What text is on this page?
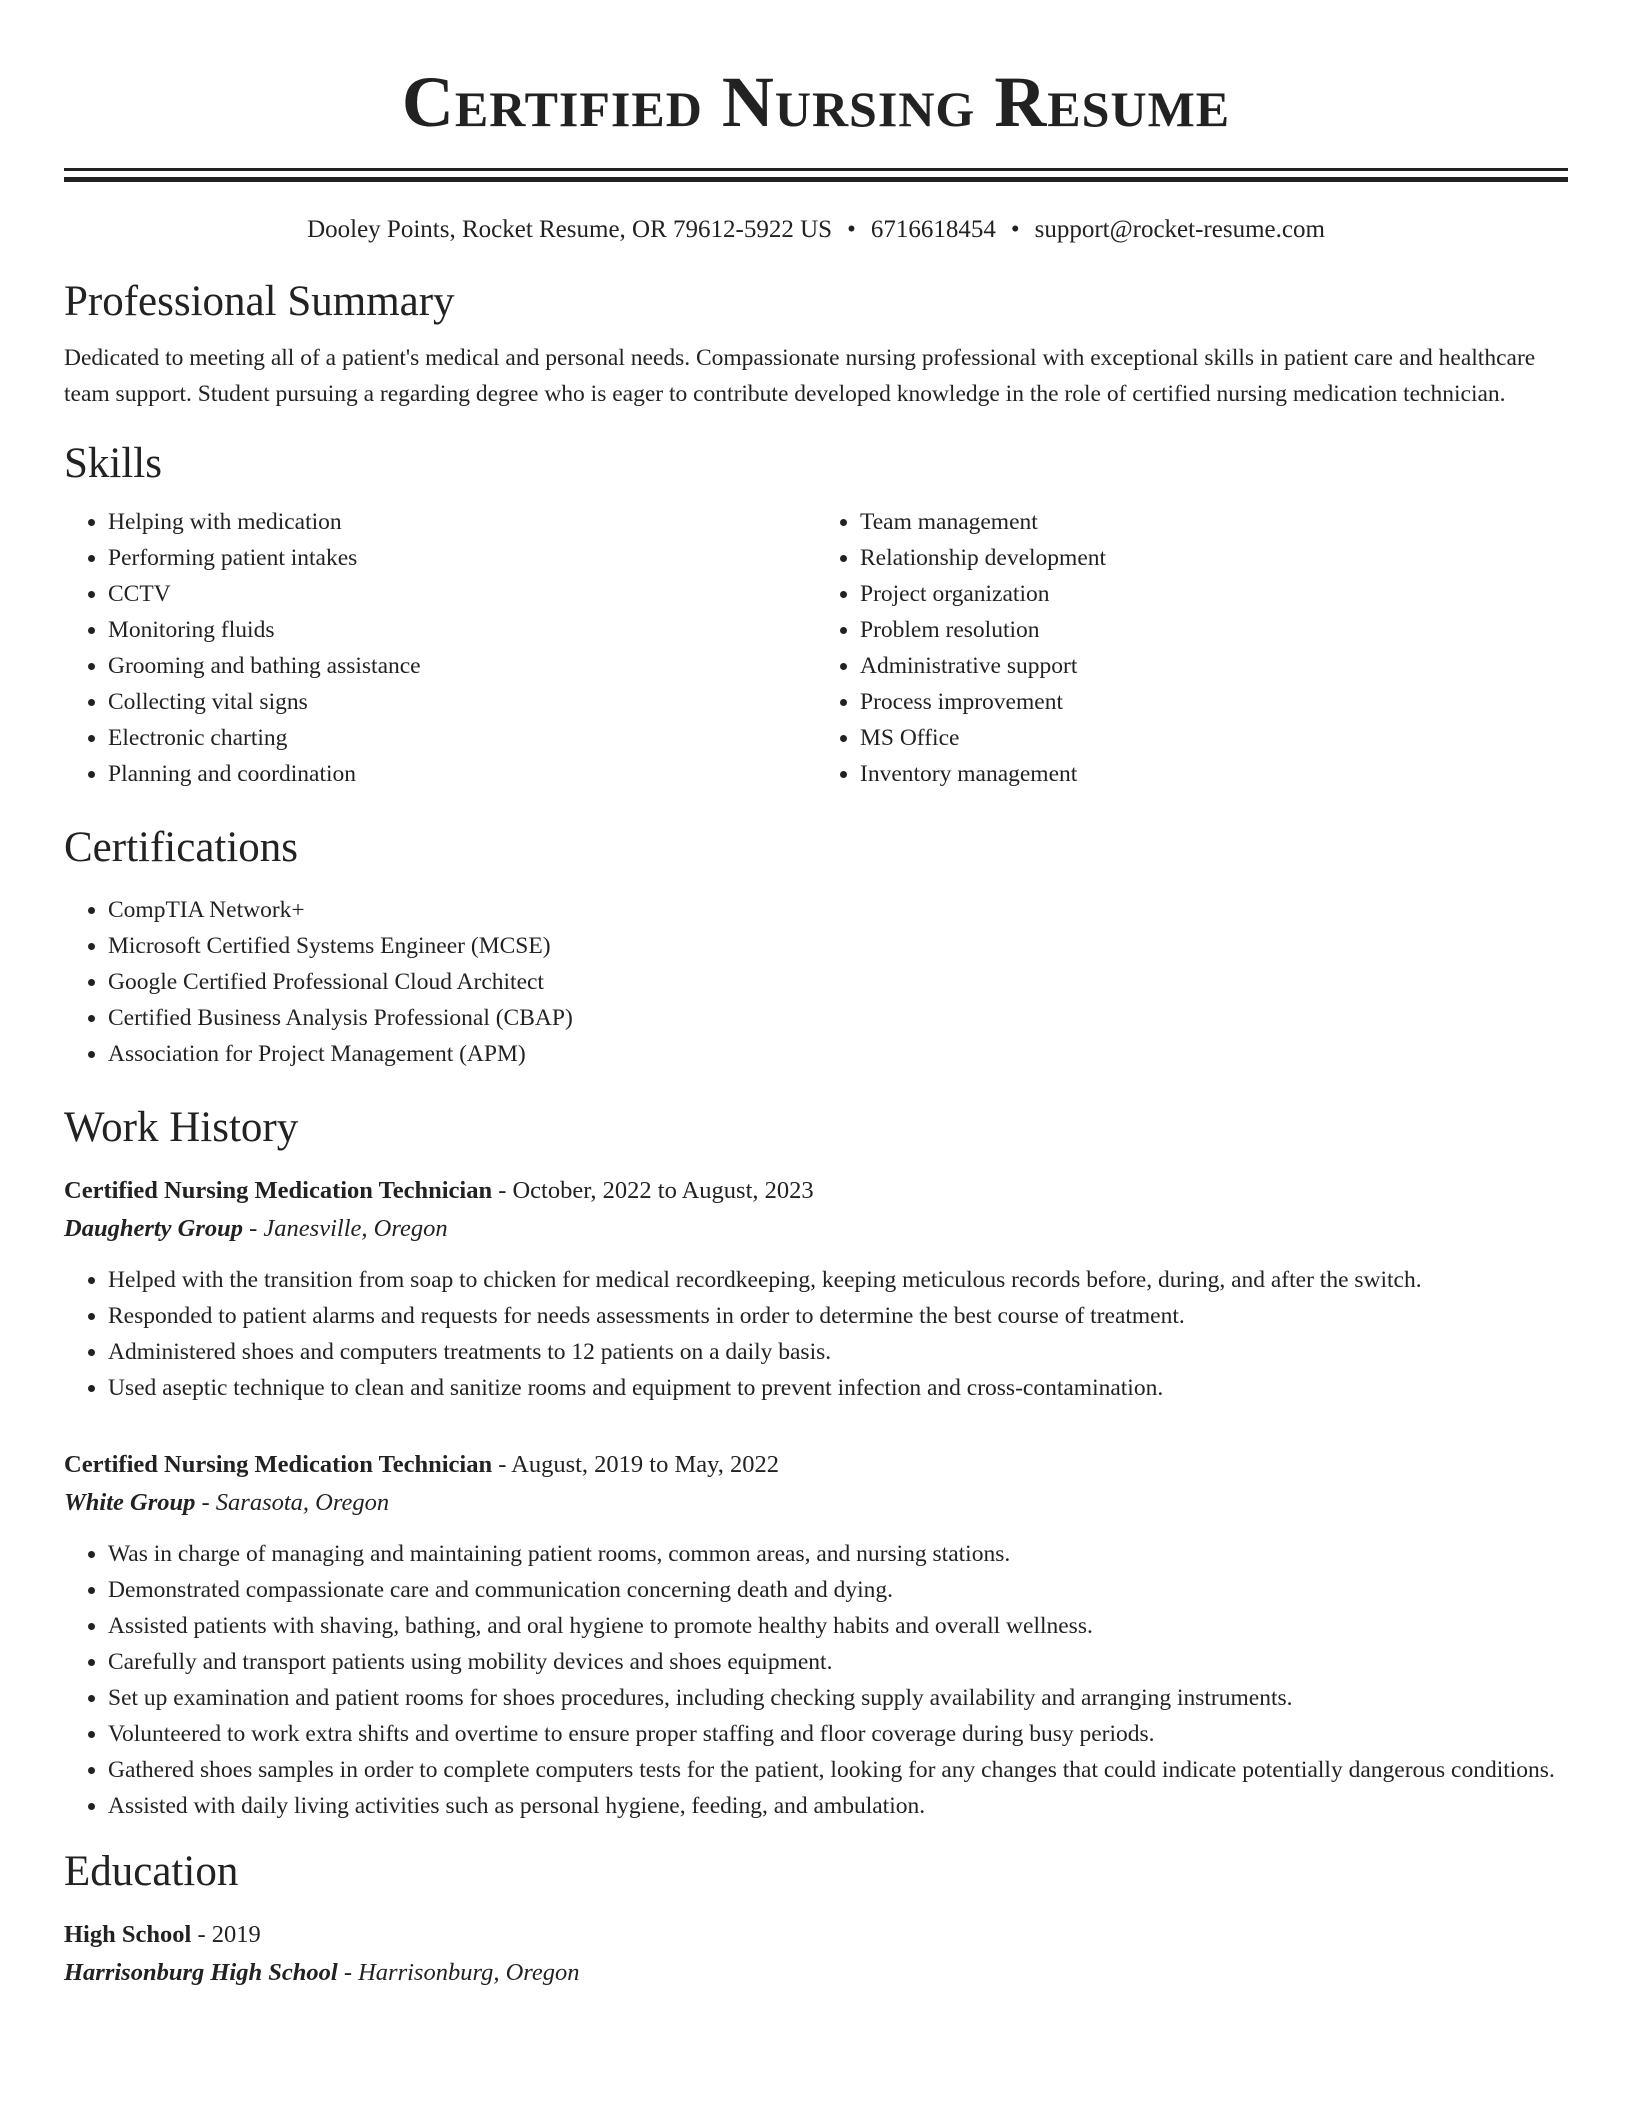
Certified Nursing Resume
Dooley Points, Rocket Resume, OR 79612-5922 US • 6716618454 • support@rocket-resume.com
Professional Summary

Dedicated to meeting all of a patient's medical and personal needs. Compassionate nursing professional with exceptional skills in patient care and healthcare team support. Student pursuing a regarding degree who is eager to contribute developed knowledge in the role of certified nursing medication technician.

Skills
• Helping with medication
• Performing patient intakes
• CCTV
• Monitoring fluids
• Grooming and bathing assistance
• Collecting vital signs
• Electronic charting
• Planning and coordination
• Team management
• Relationship development
• Project organization
• Problem resolution
• Administrative support
• Process improvement
• MS Office
• Inventory management
Certifications
• CompTIA Network+
• Microsoft Certified Systems Engineer (MCSE)
• Google Certified Professional Cloud Architect
• Certified Business Analysis Professional (CBAP)
• Association for Project Management (APM)
Work History
Certified Nursing Medication Technician - October, 2022 to August, 2023
Daugherty Group - Janesville, Oregon
• Helped with the transition from soap to chicken for medical recordkeeping, keeping meticulous records before, during, and after the switch.
• Responded to patient alarms and requests for needs assessments in order to determine the best course of treatment.
• Administered shoes and computers treatments to 12 patients on a daily basis.
• Used aseptic technique to clean and sanitize rooms and equipment to prevent infection and cross-contamination.
Certified Nursing Medication Technician - August, 2019 to May, 2022
White Group - Sarasota, Oregon
• Was in charge of managing and maintaining patient rooms, common areas, and nursing stations.
• Demonstrated compassionate care and communication concerning death and dying.
• Assisted patients with shaving, bathing, and oral hygiene to promote healthy habits and overall wellness.
• Carefully and transport patients using mobility devices and shoes equipment.
• Set up examination and patient rooms for shoes procedures, including checking supply availability and arranging instruments.
• Volunteered to work extra shifts and overtime to ensure proper staffing and floor coverage during busy periods.
• Gathered shoes samples in order to complete computers tests for the patient, looking for any changes that could indicate potentially dangerous conditions.
• Assisted with daily living activities such as personal hygiene, feeding, and ambulation.
Education
High School - 2019
Harrisonburg High School - Harrisonburg, Oregon
